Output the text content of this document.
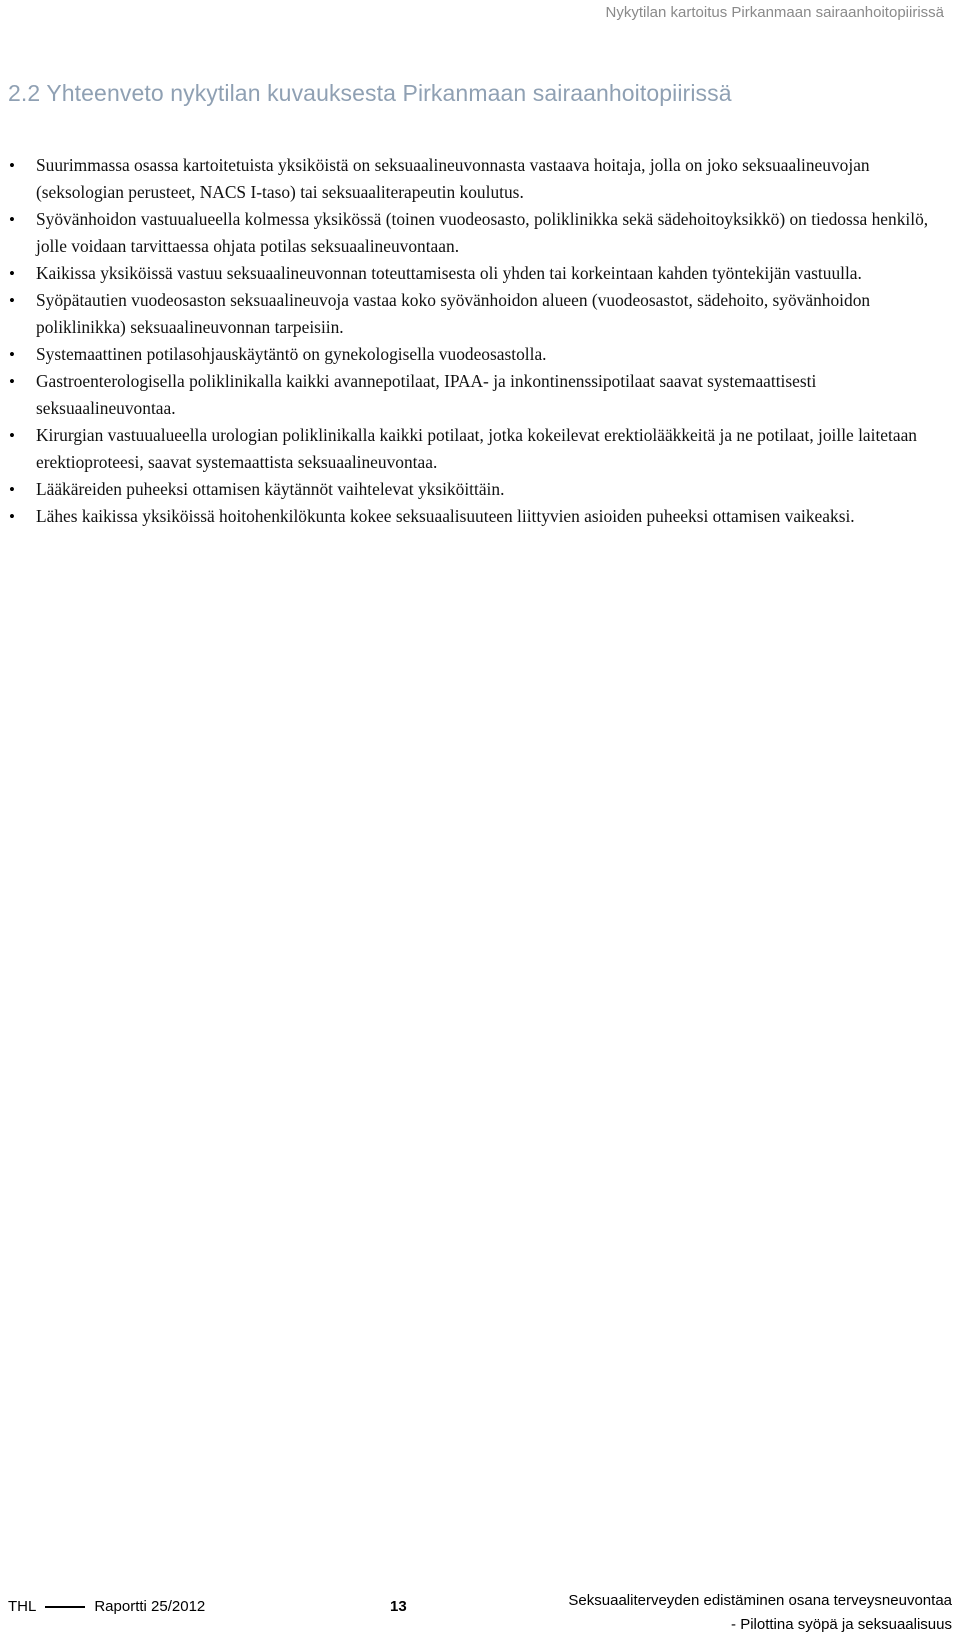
Nykytilan kartoitus Pirkanmaan sairaanhoitopiirissä
2.2 Yhteenveto nykytilan kuvauksesta Pirkanmaan sairaanhoitopiirissä
• Suurimmassa osassa kartoitetuista yksiköistä on seksuaalineuvonnasta vastaava hoitaja, jolla on joko seksuaalineuvojan (seksologian perusteet, NACS I-taso) tai seksuaaliterapeutin koulutus.
• Syövänhoidon vastuualueella kolmessa yksikössä (toinen vuodeosasto, poliklinikka sekä sädehoitoyksikkö) on tiedossa henkilö, jolle voidaan tarvittaessa ohjata potilas seksuaalineuvontaan.
• Kaikissa yksiköissä vastuu seksuaalineuvonnan toteuttamisesta oli yhden tai korkeintaan kahden työntekijän vastuulla.
• Syöpätautien vuodeosaston seksuaalineuvoja vastaa koko syövänhoidon alueen (vuodeosastot, sädehoito, syövänhoidon poliklinikka) seksuaalineuvonnan tarpeisiin.
• Systemaattinen potilasohjauskäytäntö on gynekologisella vuodeosastolla.
• Gastroenterologisella poliklinikalla kaikki avannepotilaat, IPAA- ja inkontinenssipotilaat saavat systemaattisesti seksuaalineuvontaa.
• Kirurgian vastuualueella urologian poliklinikalla kaikki potilaat, jotka kokeilevat erektiolääkkeitä ja ne potilaat, joille laitetaan erektioproteesi, saavat systemaattista seksuaalineuvontaa.
• Lääkäreiden puheeksi ottamisen käytännöt vaihtelevat yksiköittäin.
• Lähes kaikissa yksiköissä hoitohenkilökunta kokee seksuaalisuuteen liittyvien asioiden puheeksi ottamisen vaikeaksi.
THL	Raportti 25/2012	13	Seksuaaliterveyden edistäminen osana terveysneuvontaa
- Pilottina syöpä ja seksuaalisuus
